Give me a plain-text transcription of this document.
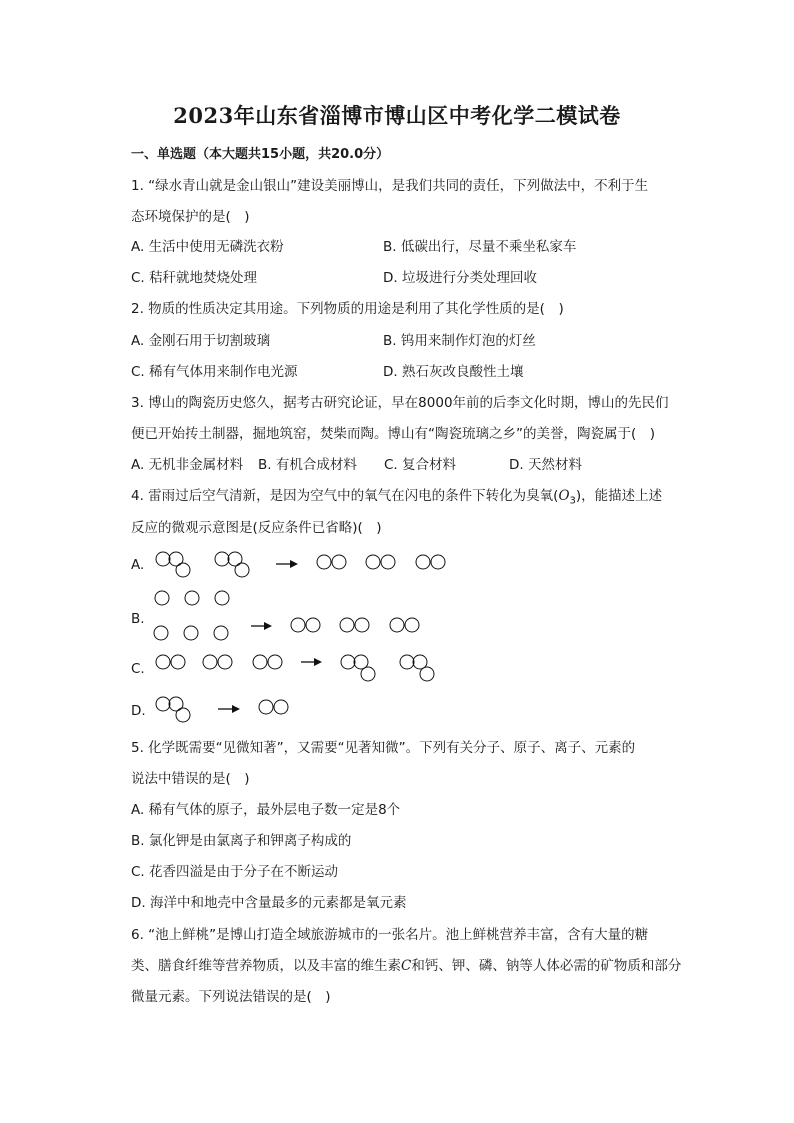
2023年山东省淄博市博山区中考化学二模试卷
一、单选题（本大题共15小题，共20.0分）
1. “绿水青山就是金山银山”建设美丽博山，是我们共同的责任，下列做法中，不利于生
态环境保护的是(　)
A. 生活中使用无磷洗衣粉	B. 低碳出行，尽量不乘坐私家车
C. 秸秆就地焚烧处理	D. 垃圾进行分类处理回收
2. 物质的性质决定其用途。下列物质的用途是利用了其化学性质的是(　)
A. 金刚石用于切割玻璃	B. 钨用来制作灯泡的灯丝
C. 稀有气体用来制作电光源	D. 熟石灰改良酸性土壤
3. 博山的陶瓷历史悠久，据考古研究论证，早在8000年前的后李文化时期，博山的先民们
便已开始抟土制器，掘地筑窑，焚柴而陶。博山有“陶瓷琉璃之乡”的美誉，陶瓷属于(　)
A. 无机非金属材料 B. 有机合成材料 C. 复合材料	D. 天然材料
4. 雷雨过后空气清新，是因为空气中的氧气在闪电的条件下转化为臭氧$(O_3)$，能描述上述
反应的微观示意图是(反应条件已省略)(　)
A.
B.
C.
D.
5. 化学既需要“见微知著”，又需要“见著知微”。下列有关分子、原子、离子、元素的
说法中错误的是(　)
A. 稀有气体的原子，最外层电子数一定是8个
B. 氯化钾是由氯离子和钾离子构成的
C. 花香四溢是由于分子在不断运动
D. 海洋中和地壳中含量最多的元素都是氧元素
6. “池上鲜桃”是博山打造全域旅游城市的一张名片。池上鲜桃营养丰富，含有大量的糖
类、膳食纤维等营养物质，以及丰富的维生素C和钙、钾、磷、钠等人体必需的矿物质和部分
微量元素。下列说法错误的是(　)
